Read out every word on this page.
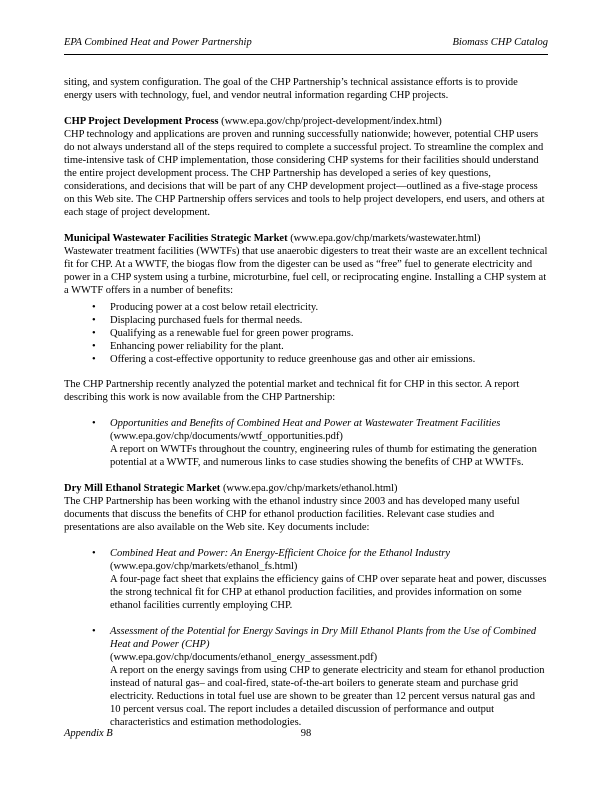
EPA Combined Heat and Power Partnership	Biomass CHP Catalog

siting, and system configuration. The goal of the CHP Partnership’s technical assistance efforts is to provide energy users with technology, fuel, and vendor neutral information regarding CHP projects.

CHP Project Development Process (www.epa.gov/chp/project-development/index.html)

CHP technology and applications are proven and running successfully nationwide; however, potential CHP users do not always understand all of the steps required to complete a successful project. To streamline the complex and time-intensive task of CHP implementation, those considering CHP systems for their facilities should understand the entire project development process. The CHP Partnership has developed a series of key questions, considerations, and decisions that will be part of any CHP development project—outlined as a five-stage process on this Web site. The CHP Partnership offers services and tools to help project developers, end users, and others at each stage of project development.

Municipal Wastewater Facilities Strategic Market (www.epa.gov/chp/markets/wastewater.html)

Wastewater treatment facilities (WWTFs) that use anaerobic digesters to treat their waste are an excellent technical fit for CHP. At a WWTF, the biogas flow from the digester can be used as “free” fuel to generate electricity and power in a CHP system using a turbine, microturbine, fuel cell, or reciprocating engine. Installing a CHP system at a WWTF offers in a number of benefits:

• Producing power at a cost below retail electricity.
• Displacing purchased fuels for thermal needs.
• Qualifying as a renewable fuel for green power programs.
• Enhancing power reliability for the plant.
• Offering a cost-effective opportunity to reduce greenhouse gas and other air emissions.

The CHP Partnership recently analyzed the potential market and technical fit for CHP in this sector. A report describing this work is now available from the CHP Partnership:

• Opportunities and Benefits of Combined Heat and Power at Wastewater Treatment Facilities
(www.epa.gov/chp/documents/wwtf_opportunities.pdf)
A report on WWTFs throughout the country, engineering rules of thumb for estimating the generation potential at a WWTF, and numerous links to case studies showing the benefits of CHP at WWTFs.

Dry Mill Ethanol Strategic Market (www.epa.gov/chp/markets/ethanol.html)

The CHP Partnership has been working with the ethanol industry since 2003 and has developed many useful documents that discuss the benefits of CHP for ethanol production facilities. Relevant case studies and presentations are also available on the Web site. Key documents include:

• Combined Heat and Power: An Energy-Efficient Choice for the Ethanol Industry
(www.epa.gov/chp/markets/ethanol_fs.html)
A four-page fact sheet that explains the efficiency gains of CHP over separate heat and power, discusses the strong technical fit for CHP at ethanol production facilities, and provides information on some ethanol facilities currently employing CHP.
• Assessment of the Potential for Energy Savings in Dry Mill Ethanol Plants from the Use of Combined Heat and Power (CHP)
(www.epa.gov/chp/documents/ethanol_energy_assessment.pdf)
A report on the energy savings from using CHP to generate electricity and steam for ethanol production instead of natural gas– and coal-fired, state-of-the-art boilers to generate steam and purchase grid electricity. Reductions in total fuel use are shown to be greater than 12 percent versus natural gas and 10 percent versus coal. The report includes a detailed discussion of performance and output characteristics and estimation methodologies.
Appendix B	98
